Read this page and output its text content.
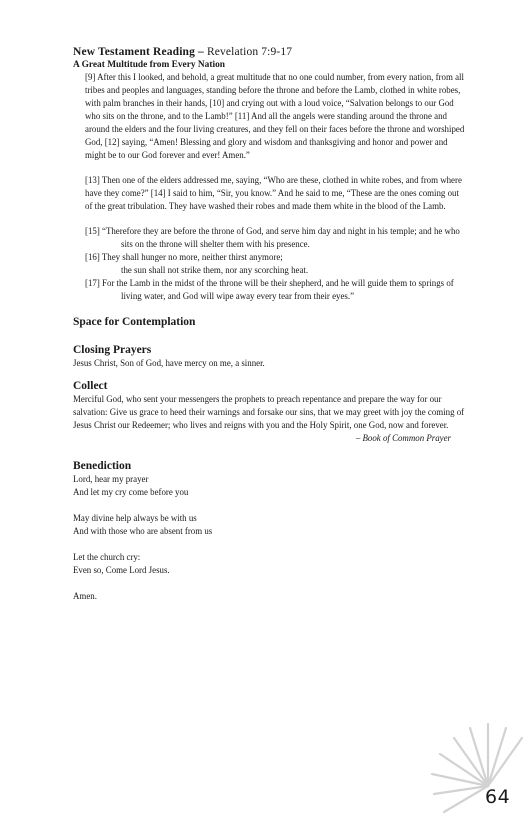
New Testament Reading – Revelation 7:9-17
A Great Multitude from Every Nation

[9] After this I looked, and behold, a great multitude that no one could number, from every nation, from all tribes and peoples and languages, standing before the throne and before the Lamb, clothed in white robes, with palm branches in their hands, [10] and crying out with a loud voice, “Salvation belongs to our God who sits on the throne, and to the Lamb!” [11] And all the angels were standing around the throne and around the elders and the four living creatures, and they fell on their faces before the throne and worshiped God, [12] saying, “Amen! Blessing and glory and wisdom and thanksgiving and honor and power and might be to our God forever and ever! Amen.”

[13] Then one of the elders addressed me, saying, “Who are these, clothed in white robes, and from where have they come?” [14] I said to him, “Sir, you know.” And he said to me, “These are the ones coming out of the great tribulation. They have washed their robes and made them white in the blood of the Lamb.

[15] “Therefore they are before the throne of God, and serve him day and night in his temple; and he who sits on the throne will shelter them with his presence.
[16] They shall hunger no more, neither thirst anymore;
the sun shall not strike them, nor any scorching heat.
[17] For the Lamb in the midst of the throne will be their shepherd, and he will guide them to springs of living water, and God will wipe away every tear from their eyes.”
Space for Contemplation
Closing Prayers
Jesus Christ, Son of God, have mercy on me, a sinner.
Collect
Merciful God, who sent your messengers the prophets to preach repentance and prepare the way for our salvation: Give us grace to heed their warnings and forsake our sins, that we may greet with joy the coming of Jesus Christ our Redeemer; who lives and reigns with you and the Holy Spirit, one God, now and forever.
– Book of Common Prayer
Benediction
Lord, hear my prayer
And let my cry come before you
May divine help always be with us
And with those who are absent from us
Let the church cry:
Even so, Come Lord Jesus.
Amen.
64
